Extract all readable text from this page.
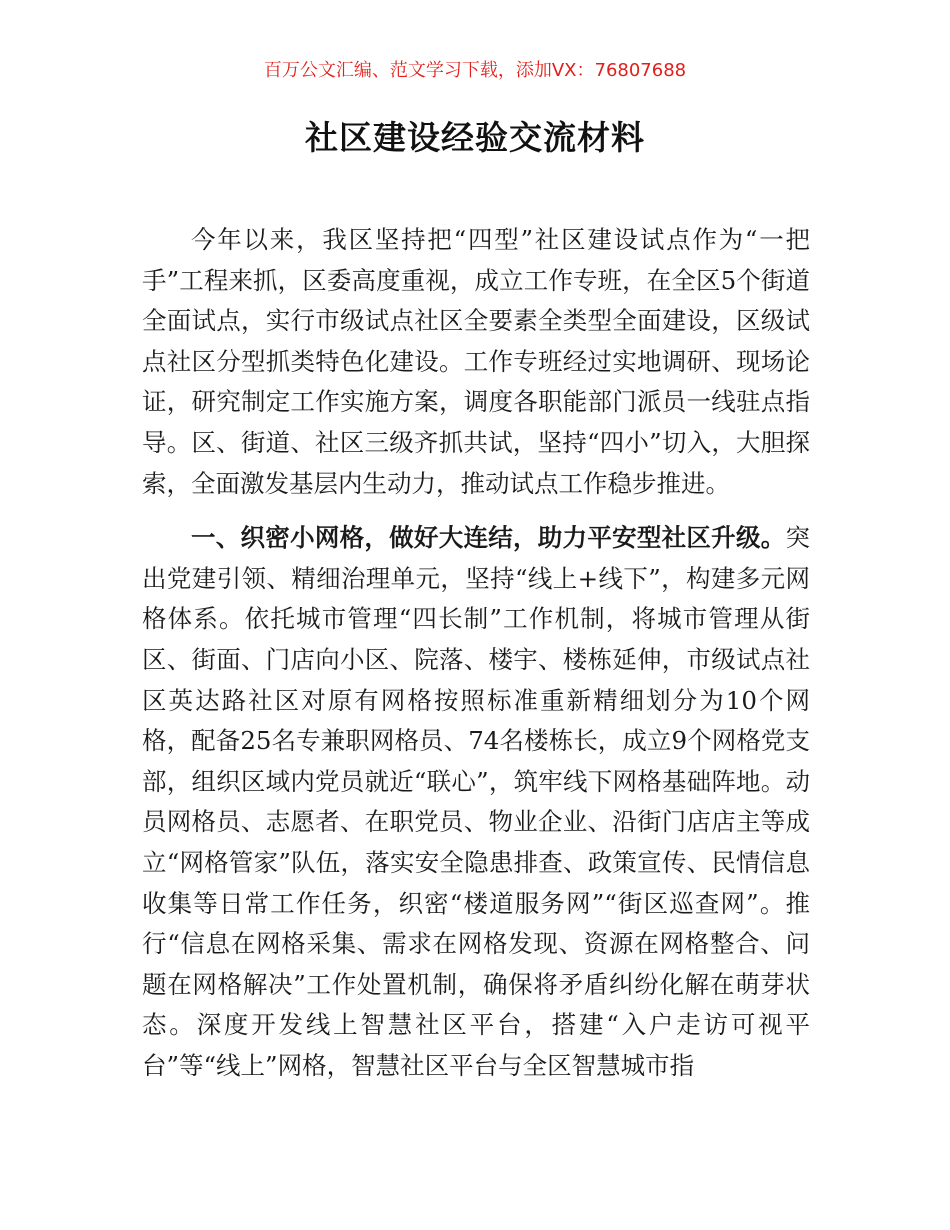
百万公文汇编、范文学习下载，添加VX：76807688
社区建设经验交流材料

今年以来，我区坚持把“四型”社区建设试点作为“一把手”工程来抓，区委高度重视，成立工作专班，在全区5个街道全面试点，实行市级试点社区全要素全类型全面建设，区级试点社区分型抓类特色化建设。工作专班经过实地调研、现场论证，研究制定工作实施方案，调度各职能部门派员一线驻点指导。区、街道、社区三级齐抓共试，坚持“四小”切入，大胆探索，全面激发基层内生动力，推动试点工作稳步推进。

一、织密小网格，做好大连结，助力平安型社区升级。突出党建引领、精细治理单元，坚持“线上+线下”，构建多元网格体系。依托城市管理“四长制”工作机制，将城市管理从街区、街面、门店向小区、院落、楼宇、楼栋延伸，市级试点社区英达路社区对原有网格按照标准重新精细划分为10个网格，配备25名专兼职网格员、74名楼栋长，成立9个网格党支部，组织区域内党员就近“联心”，筑牢线下网格基础阵地。动员网格员、志愿者、在职党员、物业企业、沿街门店店主等成立“网格管家”队伍，落实安全隐患排查、政策宣传、民情信息收集等日常工作任务，织密“楼道服务网”“街区巡查网”。推行“信息在网格采集、需求在网格发现、资源在网格整合、问题在网格解决”工作处置机制，确保将矛盾纠纷化解在萌芽状态。深度开发线上智慧社区平台，搭建“入户走访可视平台”等“线上”网格，智慧社区平台与全区智慧城市指
